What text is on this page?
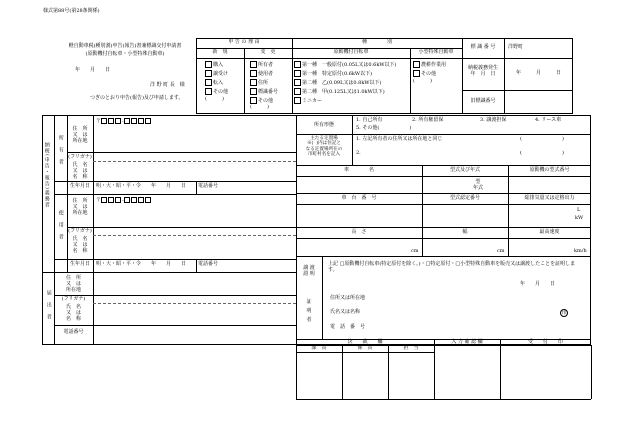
様式第88号(第28条関係)
軽自動車税(種別割)申告(報告)書兼標識交付申請書
(原動機付自転車・小型特殊自動車)
年　　月　　日
洋 野 町 長　様
つぎのとおり申告(報告)及び申請します。
申 告 の 理 由
新　規	変　更
購入
譲受け
転入
その他
(　　　)
所有者
使用者
住所
標識番号
その他
(　　　)
種　　　　別
原動機付自転車	小型特殊自動車
第一種　一般原付(0.05L又は0.6kW以下)
第一種　特定原付(0.6kW以下)
第二種　乙(0.09L又は0.8kW以下)
第二種　甲(0.125L又は1.0kW以下)
ミニカー
農耕作業用
その他
(　　　)
標 識 番 号	洋野町
納税義務発生
年　月　日	年　　　月　　　日
旧標識番号
納税(申告・報告)義務者 所　有　者
住　所
又　は
所在地
〒	-
(フリガナ)
氏　名
又　は
名　称
生年月日	明・大・昭・平・令　　年　　月　　日 電話番号
使　用　者
住　所
又　は
所在地
〒	-
(フリガナ)
氏　名
又　は
名　称
生年月日	明・大・昭・平・令　　年　　月　　日 電話番号
届　出　者
住　所
又　は
所在地
(フリガナ)
氏　名
又　は
名　称
電話番号
所有形態
1. 自己所有	2. 所有権留保	3. 譲渡担保	4. リース車
5. その他(　　　　　　)
主たる定置場
※(  )内は住記と
なる定置場所在の
市町村名を記入
1. 左記所有者の住所又は所在地と同じ	(　　　　　　　　)
2.	(　　　　　　　　)
車　　　　名	型式及び年式	原動機の型式番号
型
年式
車　台　番　号	型式認定番号	総排気量又は定格出力
L
kW
長　さ	幅	最高速度
cm	cm	km/h
譲 渡
證 明
証
明
者
上記 □原動機付自転車(特定原付を除く。)・□特定原付・□小型特殊自動車を販売又は譲渡したことを証明します。
年　　月　　日
住所又は所在地
氏名又は名称	印
電　話　番　号
決　　裁　　欄	入 力 確 認 欄	受　　付　　印
課　長	係　長	担　当
